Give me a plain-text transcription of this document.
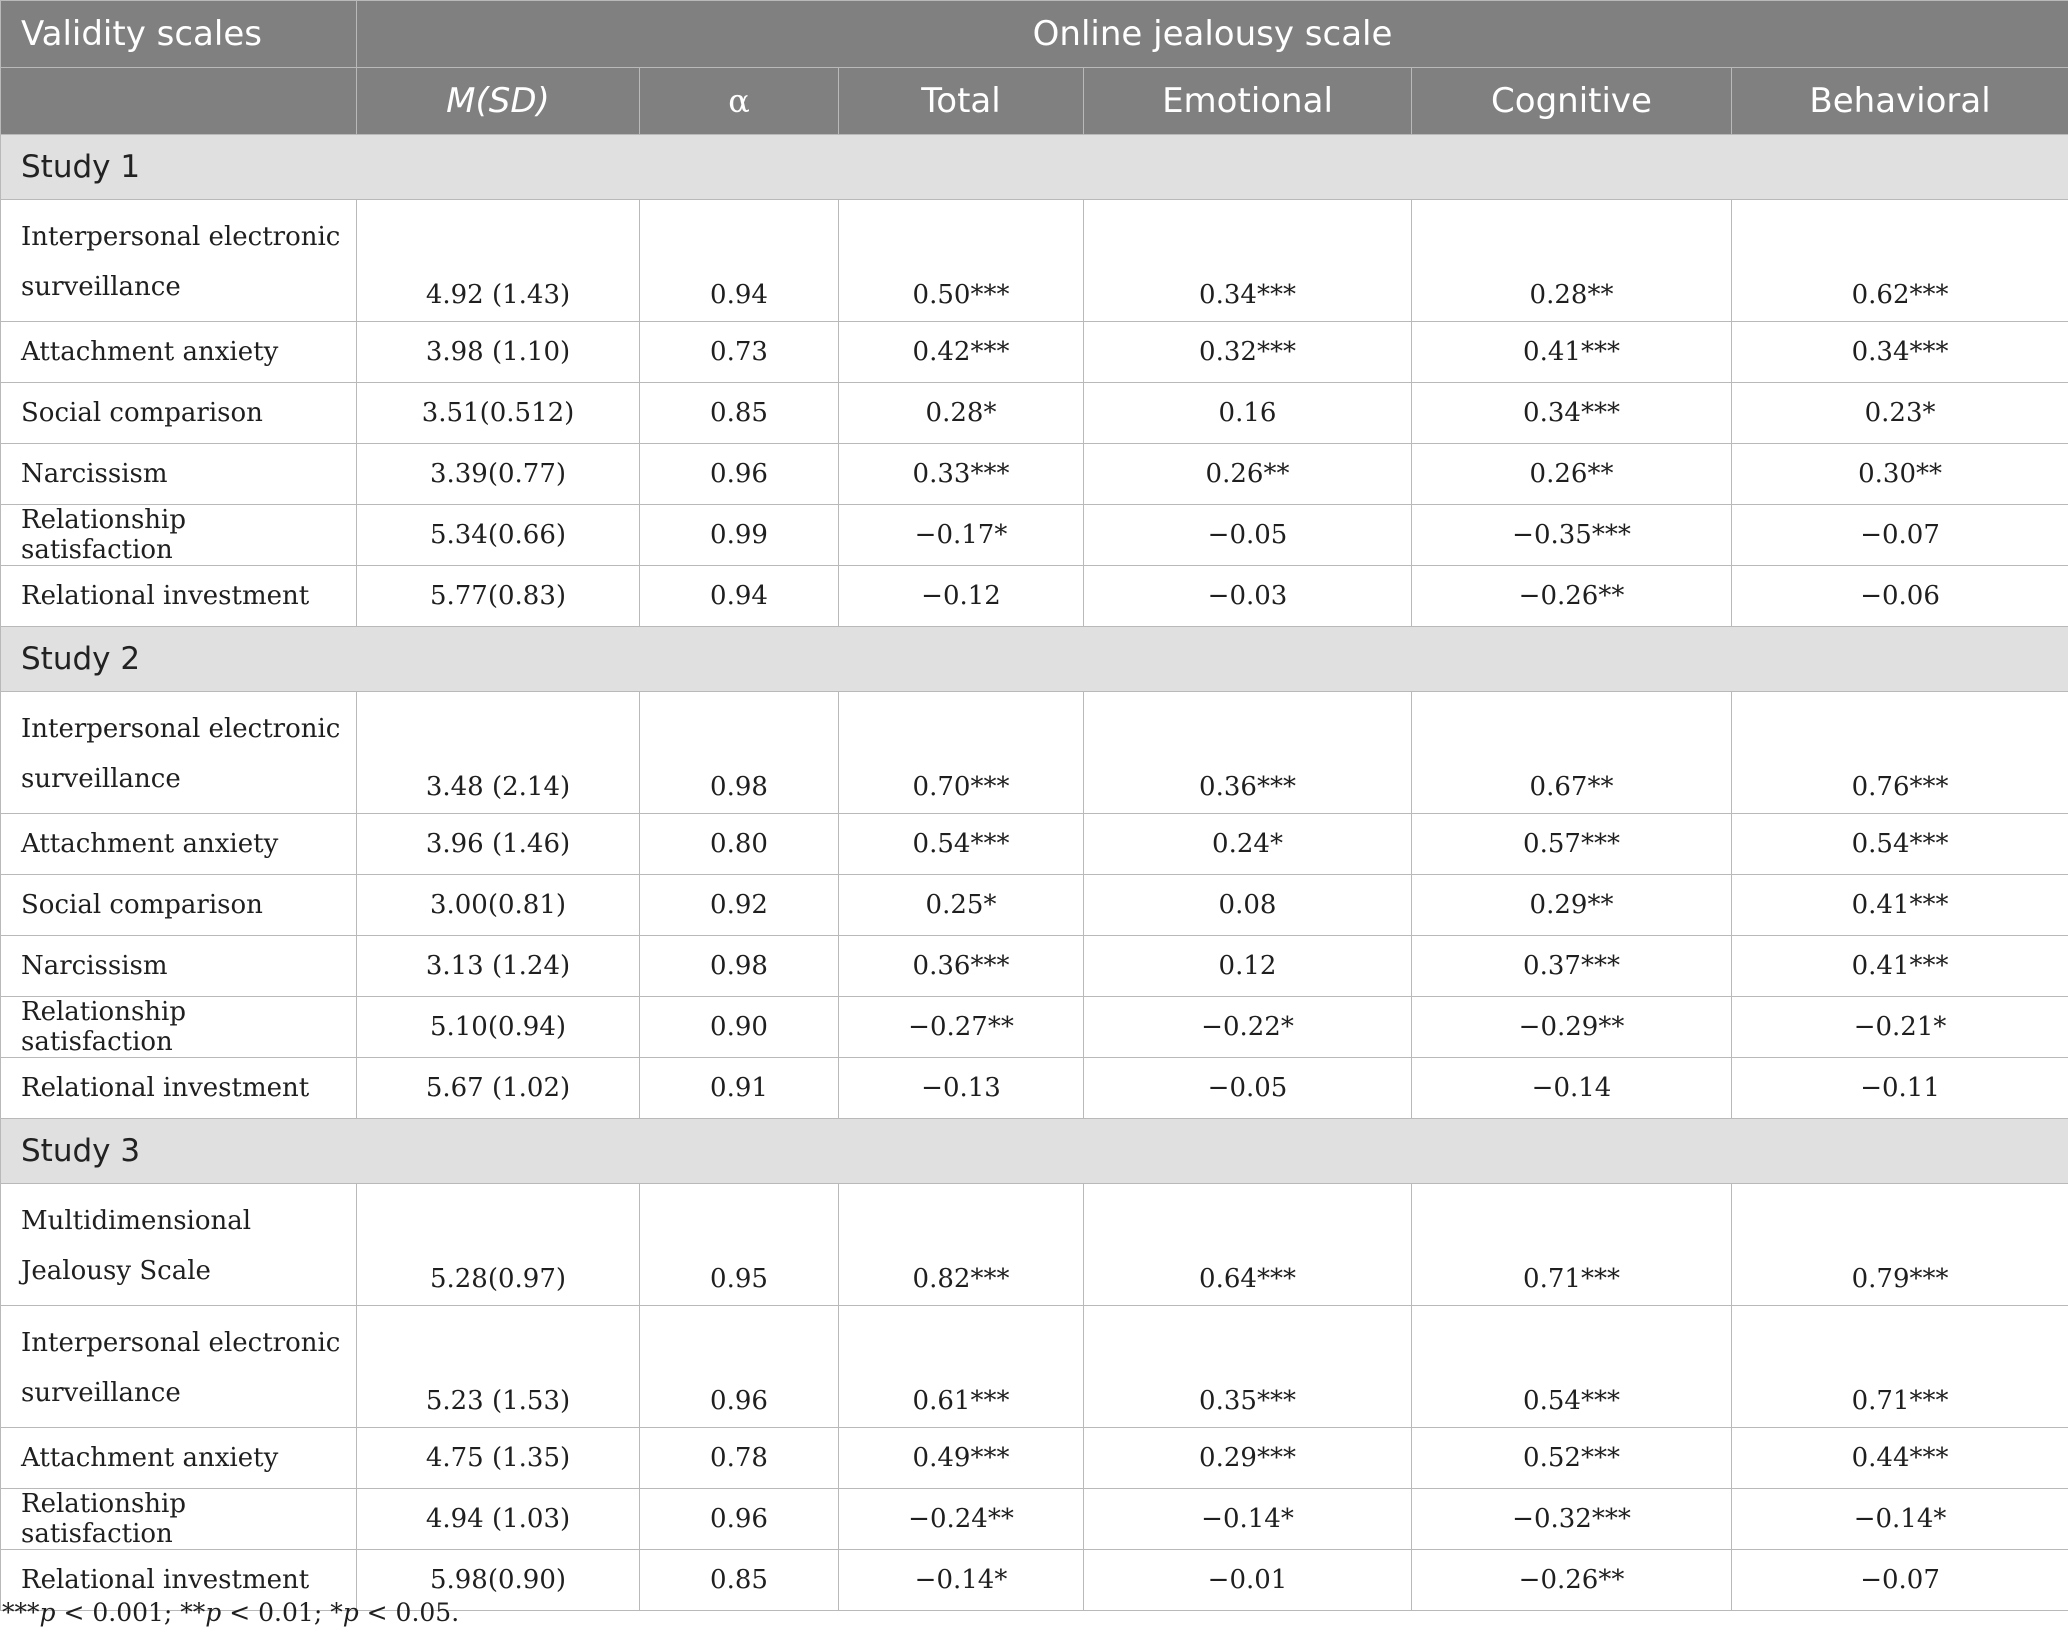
Validity scales	Online jealousy scale					
	M(SD)	α	Total	Emotional	Cognitive	Behavioral
Study 1						
Interpersonal electronic surveillance	4.92 (1.43)	0.94	0.50***	0.34***	0.28**	0.62***
Attachment anxiety	3.98 (1.10)	0.73	0.42***	0.32***	0.41***	0.34***
Social comparison	3.51(0.512)	0.85	0.28*	0.16	0.34***	0.23*
Narcissism	3.39(0.77)	0.96	0.33***	0.26**	0.26**	0.30**
Relationship satisfaction	5.34(0.66)	0.99	−0.17*	−0.05	−0.35***	−0.07
Relational investment	5.77(0.83)	0.94	−0.12	−0.03	−0.26**	−0.06
Study 2						
Interpersonal electronic surveillance	3.48 (2.14)	0.98	0.70***	0.36***	0.67**	0.76***
Attachment anxiety	3.96 (1.46)	0.80	0.54***	0.24*	0.57***	0.54***
Social comparison	3.00(0.81)	0.92	0.25*	0.08	0.29**	0.41***
Narcissism	3.13 (1.24)	0.98	0.36***	0.12	0.37***	0.41***
Relationship satisfaction	5.10(0.94)	0.90	−0.27**	−0.22*	−0.29**	−0.21*
Relational investment	5.67 (1.02)	0.91	−0.13	−0.05	−0.14	−0.11
Study 3						
Multidimensional Jealousy Scale	5.28(0.97)	0.95	0.82***	0.64***	0.71***	0.79***
Interpersonal electronic surveillance	5.23 (1.53)	0.96	0.61***	0.35***	0.54***	0.71***
Attachment anxiety	4.75 (1.35)	0.78	0.49***	0.29***	0.52***	0.44***
Relationship satisfaction	4.94 (1.03)	0.96	−0.24**	−0.14*	−0.32***	−0.14*
Relational investment	5.98(0.90)	0.85	−0.14*	−0.01	−0.26**	−0.07
***p < 0.001; **p < 0.01; *p < 0.05.
